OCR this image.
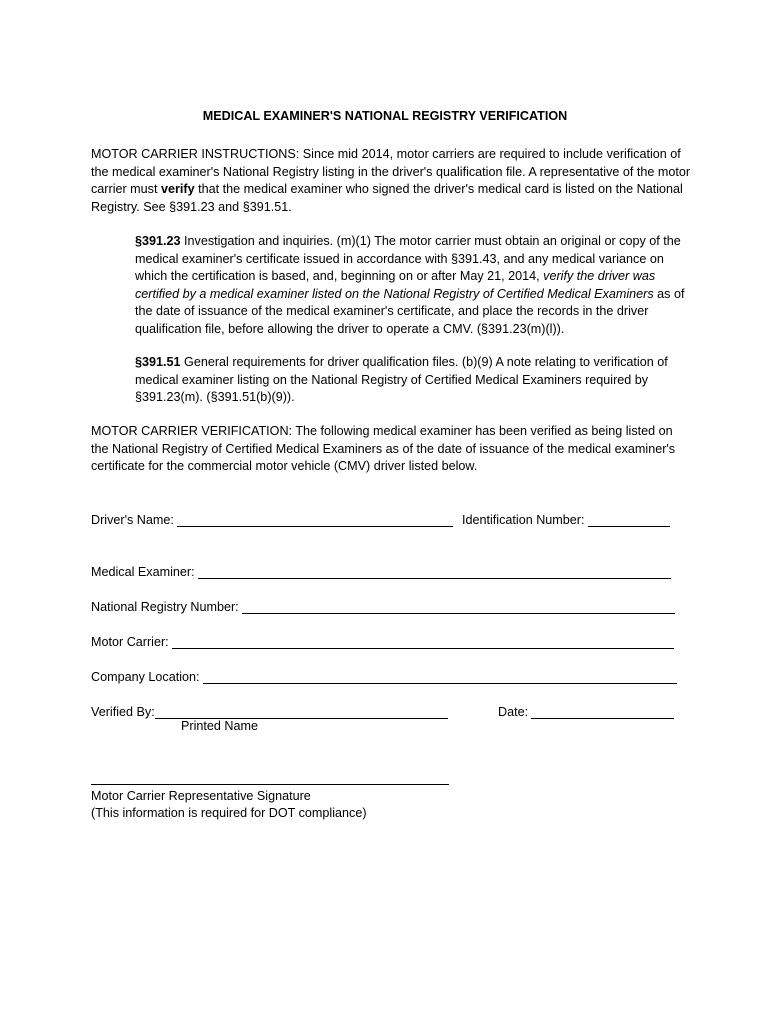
MEDICAL EXAMINER'S NATIONAL REGISTRY VERIFICATION

MOTOR CARRIER INSTRUCTIONS: Since mid 2014, motor carriers are required to include verification of the medical examiner's National Registry listing in the driver's qualification file. A representative of the motor carrier must verify that the medical examiner who signed the driver's medical card is listed on the National Registry. See §391.23 and §391.51.

§391.23 Investigation and inquiries. (m)(1) The motor carrier must obtain an original or copy of the medical examiner's certificate issued in accordance with §391.43, and any medical variance on which the certification is based, and, beginning on or after May 21, 2014, verify the driver was certified by a medical examiner listed on the National Registry of Certified Medical Examiners as of the date of issuance of the medical examiner's certificate, and place the records in the driver qualification file, before allowing the driver to operate a CMV. (§391.23(m)(l)).

§391.51 General requirements for driver qualification files. (b)(9) A note relating to verification of medical examiner listing on the National Registry of Certified Medical Examiners required by §391.23(m). (§391.51(b)(9)).

MOTOR CARRIER VERIFICATION: The following medical examiner has been verified as being listed on the National Registry of Certified Medical Examiners as of the date of issuance of the medical examiner's certificate for the commercial motor vehicle (CMV) driver listed below.

Driver's Name:	Identification Number:
Medical Examiner:
National Registry Number:
Motor Carrier:
Company Location:
Verified By:
Printed Name
Date:
Motor Carrier Representative Signature
(This information is required for DOT compliance)
